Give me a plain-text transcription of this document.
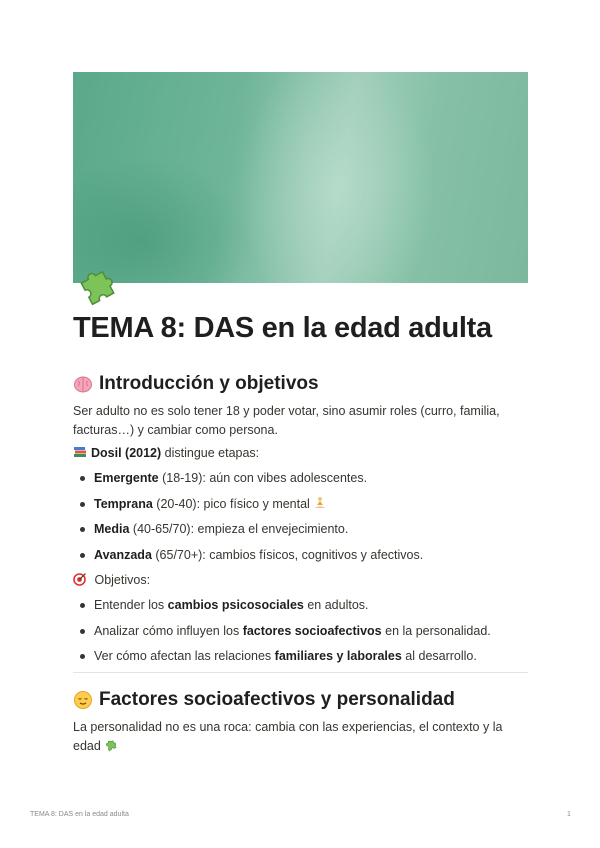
TEMA 8: DAS en la edad adulta
Introducción y objetivos
Ser adulto no es solo tener 18 y poder votar, sino asumir roles (curro, familia,
facturas…) y cambiar como persona.
Dosil (2012) distingue etapas:
Emergente (18-19): aún con vibes adolescentes.
Temprana (20-40): pico físico y mental
Media (40-65/70): empieza el envejecimiento.
Avanzada (65/70+): cambios físicos, cognitivos y afectivos.
Objetivos:
Entender los cambios psicosociales en adultos.
Analizar cómo influyen los factores socioafectivos en la personalidad.
Ver cómo afectan las relaciones familiares y laborales al desarrollo.
Factores socioafectivos y personalidad
La personalidad no es una roca: cambia con las experiencias, el contexto y la
edad
TEMA 8: DAS en la edad adulta	1
